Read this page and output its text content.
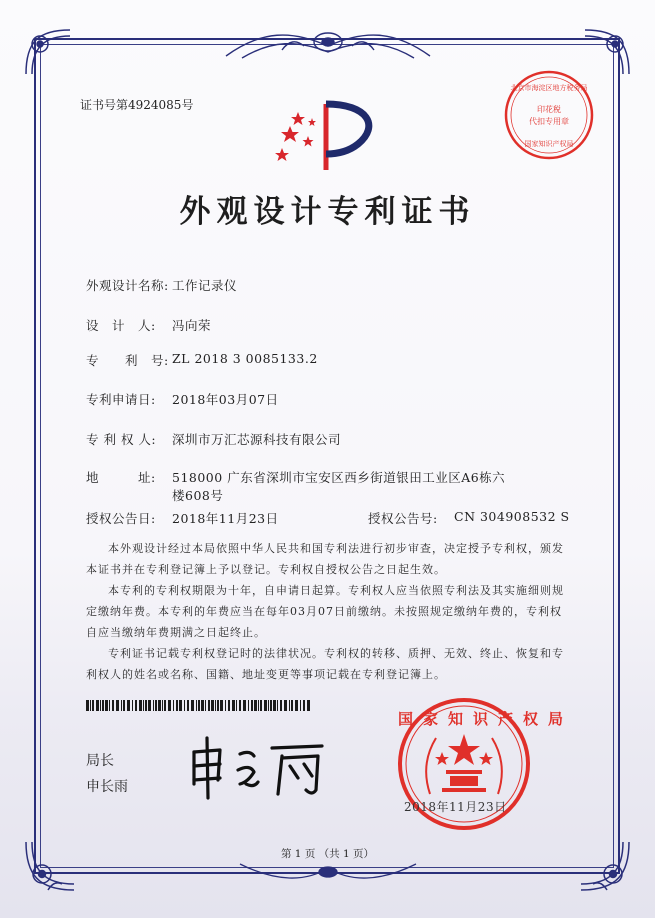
证书号第4924085号
北京市海淀区地方税务局
印花税
代扣专用章
国家知识产权局
外观设计专利证书
外观设计名称: 工作记录仪
设　计　人: 冯向荣
专　　利　号: ZL 2018 3 0085133.2
专利申请日: 2018年03月07日
专 利 权 人: 深圳市万汇芯源科技有限公司
地　　　址: 518000 广东省深圳市宝安区西乡街道银田工业区A6栋六
楼608号
授权公告日: 2018年11月23日	授权公告号: CN 304908532 S
本外观设计经过本局依照中华人民共和国专利法进行初步审查，决定授予专利权，颁发本证书并在专利登记簿上予以登记。专利权自授权公告之日起生效。
本专利的专利权期限为十年，自申请日起算。专利权人应当依照专利法及其实施细则规定缴纳年费。本专利的年费应当在每年03月07日前缴纳。未按照规定缴纳年费的，专利权自应当缴纳年费期满之日起终止。
专利证书记载专利权登记时的法律状况。专利权的转移、质押、无效、终止、恢复和专利权人的姓名或名称、国籍、地址变更等事项记载在专利登记簿上。
局长
申长雨
国家知识产权局
2018年11月23日
第 1 页 （共 1 页）
